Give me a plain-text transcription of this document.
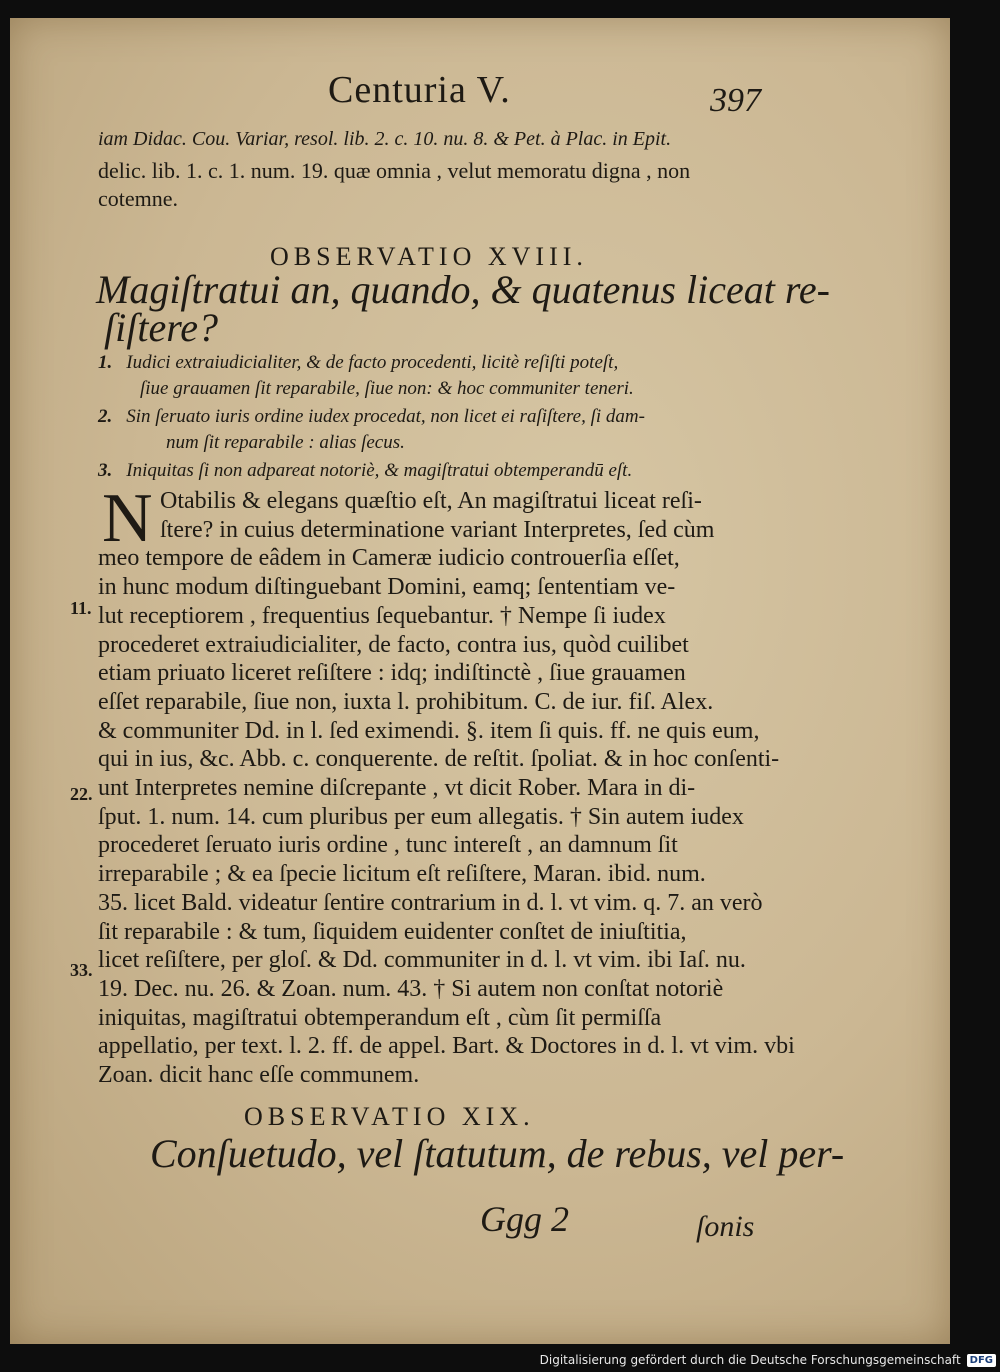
Centuria V.	397
iam Didac. Cou. Variar, resol. lib. 2. c. 10. nu. 8. & Pet. à Plac. in Epit.
delic. lib. 1. c. 1. num. 19. quæ omnia , velut memoratu digna , non
cotemne.
OBSERVATIO XVIII.
Magiſtratui an, quando, & quatenus liceat re-
ſiſtere?
1. Iudici extraiudicialiter, & de facto procedenti, licitè reſiſti poteſt,
ſiue grauamen ſit reparabile, ſiue non: & hoc communiter teneri.
2. Sin ſeruato iuris ordine iudex procedat, non licet ei raſiſtere, ſi dam-
num ſit reparabile : alias ſecus.
3. Iniquitas ſi non adpareat notoriè, & magiſtratui obtemperandū eſt.
N Otabilis & elegans quæſtio eſt, An magiſtratui liceat reſi-
ſtere? in cuius determinatione variant Interpretes, ſed cùm
meo tempore de eâdem in Cameræ iudicio controuerſia eſſet,
in hunc modum diſtinguebant Domini, eamq; ſententiam ve-
lut receptiorem , frequentius ſequebantur. † Nempe ſi iudex
procederet extraiudicialiter, de facto, contra ius, quòd cuilibet
etiam priuato liceret reſiſtere : idq; indiſtinctè , ſiue grauamen
eſſet reparabile, ſiue non, iuxta l. prohibitum. C. de iur. fiſ. Alex.
& communiter Dd. in l. ſed eximendi. §. item ſi quis. ff. ne quis eum,
qui in ius, &c. Abb. c. conquerente. de reſtit. ſpoliat. & in hoc conſenti-
unt Interpretes nemine diſcrepante , vt dicit Rober. Mara in di-
ſput. 1. num. 14. cum pluribus per eum allegatis. † Sin autem iudex
procederet ſeruato iuris ordine , tunc intereſt , an damnum ſit
irreparabile ; & ea ſpecie licitum eſt reſiſtere, Maran. ibid. num.
35. licet Bald. videatur ſentire contrarium in d. l. vt vim. q. 7. an verò
ſit reparabile : & tum, ſiquidem euidenter conſtet de iniuſtitia,
licet reſiſtere, per gloſ. & Dd. communiter in d. l. vt vim. ibi Iaſ. nu.
19. Dec. nu. 26. & Zoan. num. 43. † Si autem non conſtat notoriè
iniquitas, magiſtratui obtemperandum eſt , cùm ſit permiſſa
appellatio, per text. l. 2. ff. de appel. Bart. & Doctores in d. l. vt vim. vbi
Zoan. dicit hanc eſſe communem.
11.
22.
33.
OBSERVATIO XIX.
Conſuetudo, vel ſtatutum, de rebus, vel per-
Ggg 2	ſonis
Digitalisierung gefördert durch die Deutsche Forschungsgemeinschaft DFG
